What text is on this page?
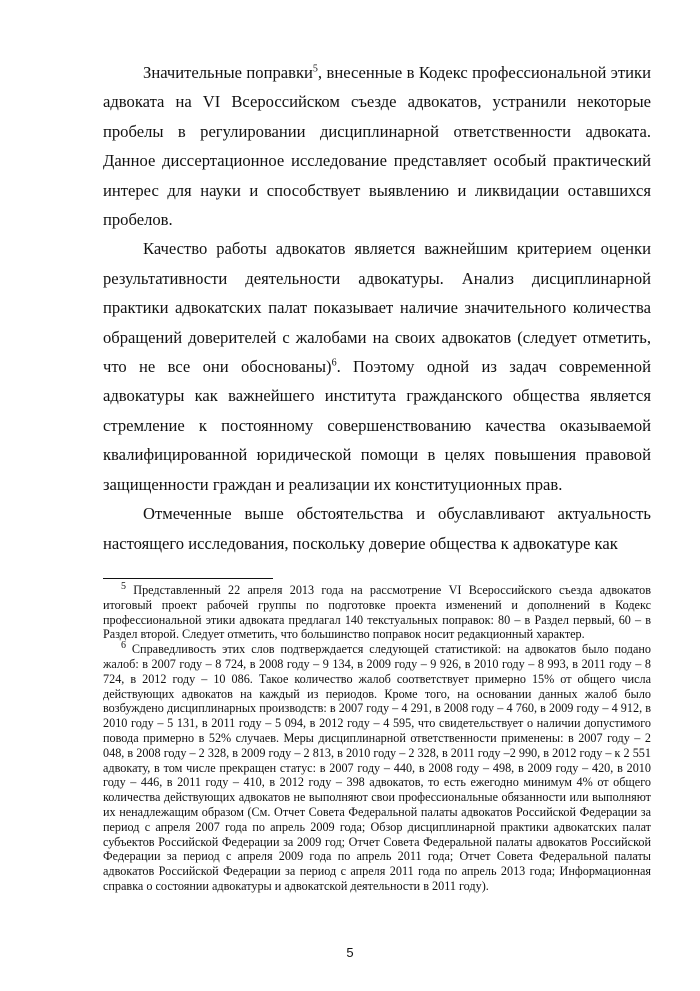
Значительные поправки$^5$, внесенные в Кодекс профессиональной этики адвоката на VI Всероссийском съезде адвокатов, устранили некоторые пробелы в регулировании дисциплинарной ответственности адвоката. Данное диссертационное исследование представляет особый практический интерес для науки и способствует выявлению и ликвидации оставшихся пробелов.

Качество работы адвокатов является важнейшим критерием оценки результативности деятельности адвокатуры. Анализ дисциплинарной практики адвокатских палат показывает наличие значительного количества обращений доверителей с жалобами на своих адвокатов (следует отметить, что не все они обоснованы)$^6$. Поэтому одной из задач современной адвокатуры как важнейшего института гражданского общества является стремление к постоянному совершенствованию качества оказываемой квалифицированной юридической помощи в целях повышения правовой защищенности граждан и реализации их конституционных прав.

Отмеченные выше обстоятельства и обуславливают актуальность настоящего исследования, поскольку доверие общества к адвокатуре как

$^5$ Представленный 22 апреля 2013 года на рассмотрение VI Всероссийского съезда адвокатов итоговый проект рабочей группы по подготовке проекта изменений и дополнений в Кодекс профессиональной этики адвоката предлагал 140 текстуальных поправок: 80 – в Раздел первый, 60 – в Раздел второй. Следует отметить, что большинство поправок носит редакционный характер.

$^6$ Справедливость этих слов подтверждается следующей статистикой: на адвокатов было подано жалоб: в 2007 году – 8 724, в 2008 году – 9 134, в 2009 году – 9 926, в 2010 году – 8 993, в 2011 году – 8 724, в 2012 году – 10 086. Такое количество жалоб соответствует примерно 15% от общего числа действующих адвокатов на каждый из периодов. Кроме того, на основании данных жалоб было возбуждено дисциплинарных производств: в 2007 году – 4 291, в 2008 году – 4 760, в 2009 году – 4 912, в 2010 году – 5 131, в 2011 году – 5 094, в 2012 году – 4 595, что свидетельствует о наличии допустимого повода примерно в 52% случаев. Меры дисциплинарной ответственности применены: в 2007 году – 2 048, в 2008 году – 2 328, в 2009 году – 2 813, в 2010 году – 2 328, в 2011 году –2 990, в 2012 году – к 2 551 адвокату, в том числе прекращен статус: в 2007 году – 440, в 2008 году – 498, в 2009 году – 420, в 2010 году – 446, в 2011 году – 410, в 2012 году – 398 адвокатов, то есть ежегодно минимум 4% от общего количества действующих адвокатов не выполняют свои профессиональные обязанности или выполняют их ненадлежащим образом (См. Отчет Совета Федеральной палаты адвокатов Российской Федерации за период с апреля 2007 года по апрель 2009 года; Обзор дисциплинарной практики адвокатских палат субъектов Российской Федерации за 2009 год; Отчет Совета Федеральной палаты адвокатов Российской Федерации за период с апреля 2009 года по апрель 2011 года; Отчет Совета Федеральной палаты адвокатов Российской Федерации за период с апреля 2011 года по апрель 2013 года; Информационная справка о состоянии адвокатуры и адвокатской деятельности в 2011 году).

5
